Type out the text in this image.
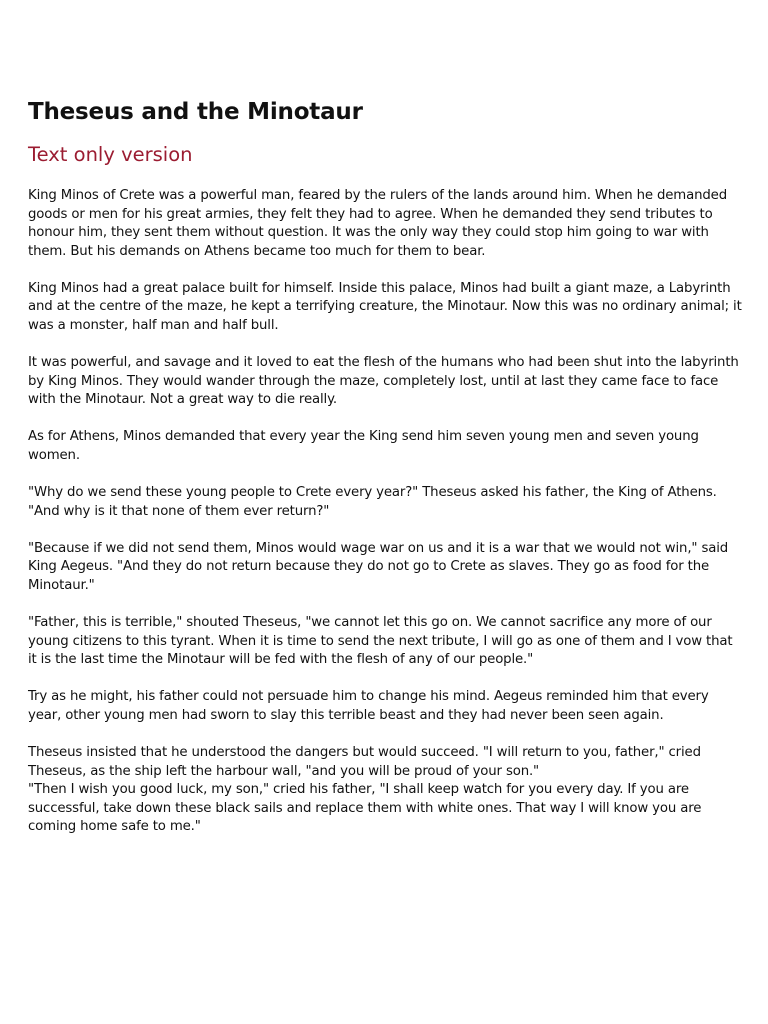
Theseus and the Minotaur
Text only version

King Minos of Crete was a powerful man, feared by the rulers of the lands around him. When he demanded goods or men for his great armies, they felt they had to agree. When he demanded they send tributes to honour him, they sent them without question. It was the only way they could stop him going to war with them. But his demands on Athens became too much for them to bear.

King Minos had a great palace built for himself. Inside this palace, Minos had built a giant maze, a Labyrinth and at the centre of the maze, he kept a terrifying creature, the Minotaur. Now this was no ordinary animal; it was a monster, half man and half bull.

It was powerful, and savage and it loved to eat the flesh of the humans who had been shut into the labyrinth by King Minos. They would wander through the maze, completely lost, until at last they came face to face with the Minotaur. Not a great way to die really.

As for Athens, Minos demanded that every year the King send him seven young men and seven young women.

"Why do we send these young people to Crete every year?" Theseus asked his father, the King of Athens. "And why is it that none of them ever return?"

"Because if we did not send them, Minos would wage war on us and it is a war that we would not win," said King Aegeus. "And they do not return because they do not go to Crete as slaves. They go as food for the Minotaur."

"Father, this is terrible," shouted Theseus, "we cannot let this go on. We cannot sacrifice any more of our young citizens to this tyrant. When it is time to send the next tribute, I will go as one of them and I vow that it is the last time the Minotaur will be fed with the flesh of any of our people."

Try as he might, his father could not persuade him to change his mind. Aegeus reminded him that every year, other young men had sworn to slay this terrible beast and they had never been seen again.

Theseus insisted that he understood the dangers but would succeed. "I will return to you, father," cried Theseus, as the ship left the harbour wall, "and you will be proud of your son."

"Then I wish you good luck, my son," cried his father, "I shall keep watch for you every day. If you are successful, take down these black sails and replace them with white ones. That way I will know you are coming home safe to me."
